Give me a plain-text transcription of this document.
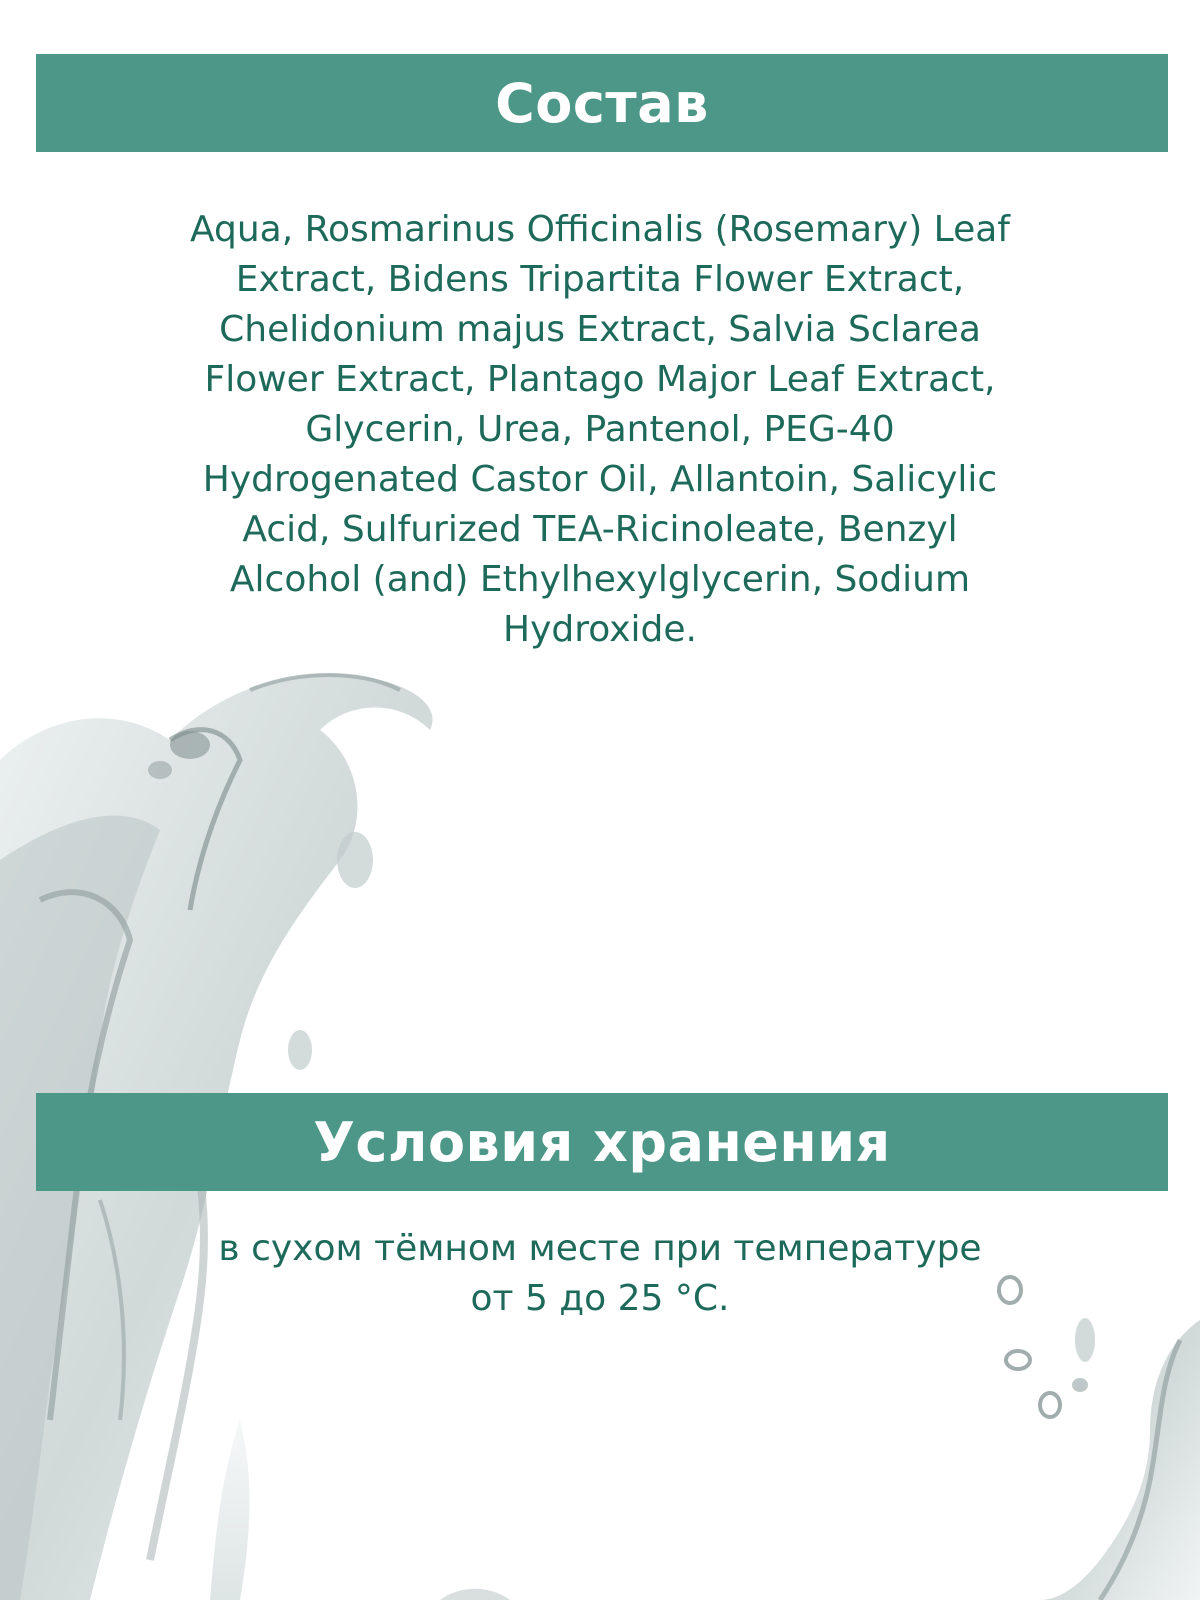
Состав

Aqua, Rosmarinus Officinalis (Rosemary) Leaf
Extract, Bidens Tripartita Flower Extract,
Chelidonium majus Extract, Salvia Sclarea
Flower Extract, Plantago Major Leaf Extract,
Glycerin, Urea, Pantenol, PEG-40
Hydrogenated Castor Oil, Allantoin, Salicylic
Acid, Sulfurized TEA-Ricinoleate, Benzyl
Alcohol (and) Ethylhexylglycerin, Sodium
Hydroxide.

Условия хранения

в сухом тёмном месте при температуре
от 5 до 25 °С.
